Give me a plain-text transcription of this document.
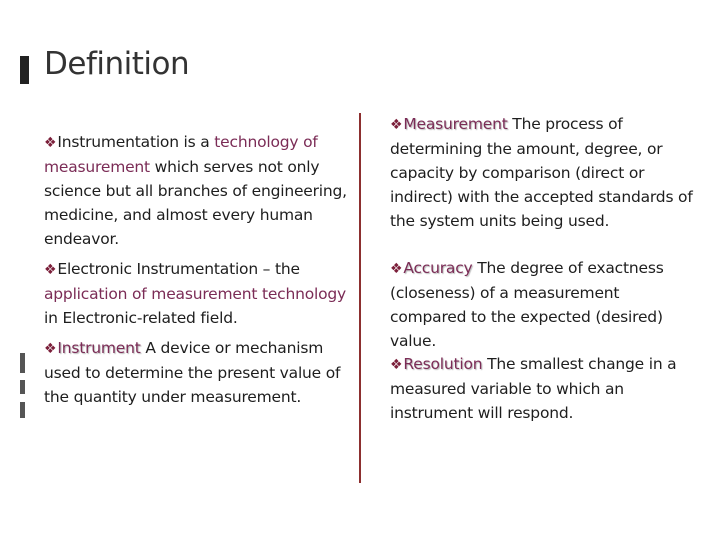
Definition

❖Instrumentation is a technology of measurement which serves not only science but all branches of engineering, medicine, and almost every human endeavor.

❖Electronic Instrumentation – the application of measurement technology in Electronic-related field.

❖Instrument A device or mechanism used to determine the present value of the quantity under measurement.

❖Measurement The process of determining the amount, degree, or capacity by comparison (direct or indirect) with the accepted standards of the system units being used.

❖Accuracy The degree of exactness (closeness) of a measurement compared to the expected (desired) value.

❖Resolution The smallest change in a measured variable to which an instrument will respond.
